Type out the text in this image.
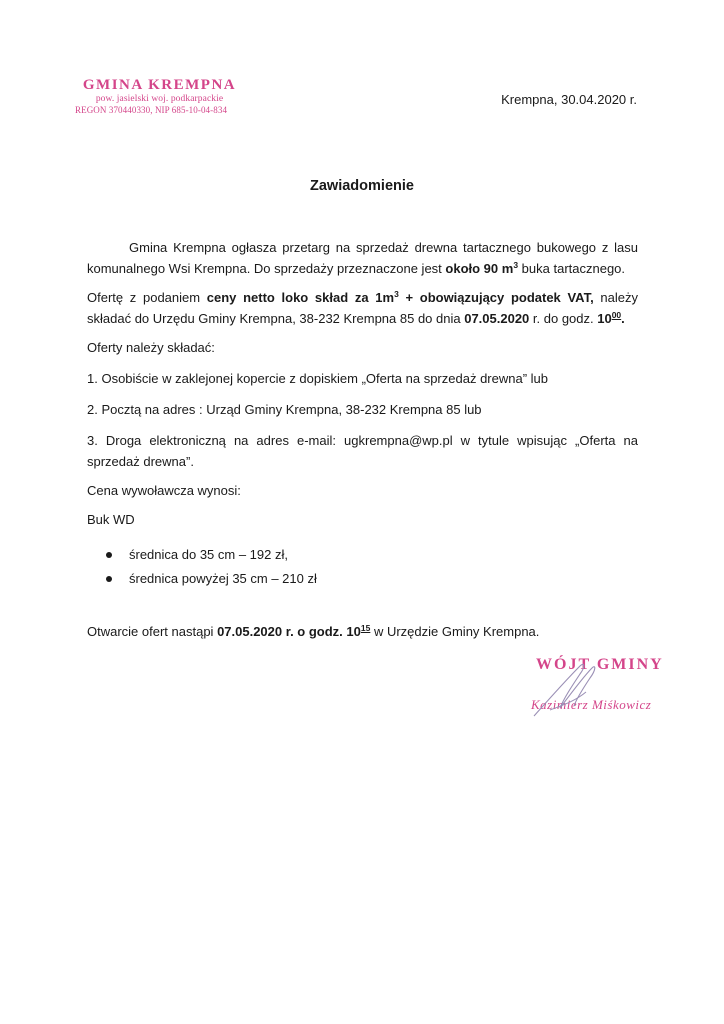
GMINA KREMPNA
pow. jasielski woj. podkarpackie
REGON 370440330, NIP 685-10-04-834
Krempna, 30.04.2020 r.
Zawiadomienie

Gmina Krempna ogłasza przetarg na sprzedaż drewna tartacznego bukowego z lasu komunalnego Wsi Krempna. Do sprzedaży przeznaczone jest około 90 $m^3$ buka tartacznego.

Ofertę z podaniem ceny netto loko skład za $1m^3$ + obowiązujący podatek VAT, należy składać do Urzędu Gminy Krempna, 38-232 Krempna 85 do dnia 07.05.2020 r. do godz. $10^{00}$.

Oferty należy składać:

1. Osobiście w zaklejonej kopercie z dopiskiem „Oferta na sprzedaż drewna” lub

2. Pocztą na adres : Urząd Gminy Krempna, 38-232 Krempna 85 lub

3. Droga elektroniczną na adres e-mail: ugkrempna@wp.pl w tytule wpisując „Oferta na sprzedaż drewna”.

Cena wywoławcza wynosi:

Buk WD

średnica do 35 cm – 192 zł,
średnica powyżej 35 cm – 210 zł

Otwarcie ofert nastąpi 07.05.2020 r. o godz. $10^{15}$ w Urzędzie Gminy Krempna.

WÓJT GMINY
Kazimierz Miśkowicz
